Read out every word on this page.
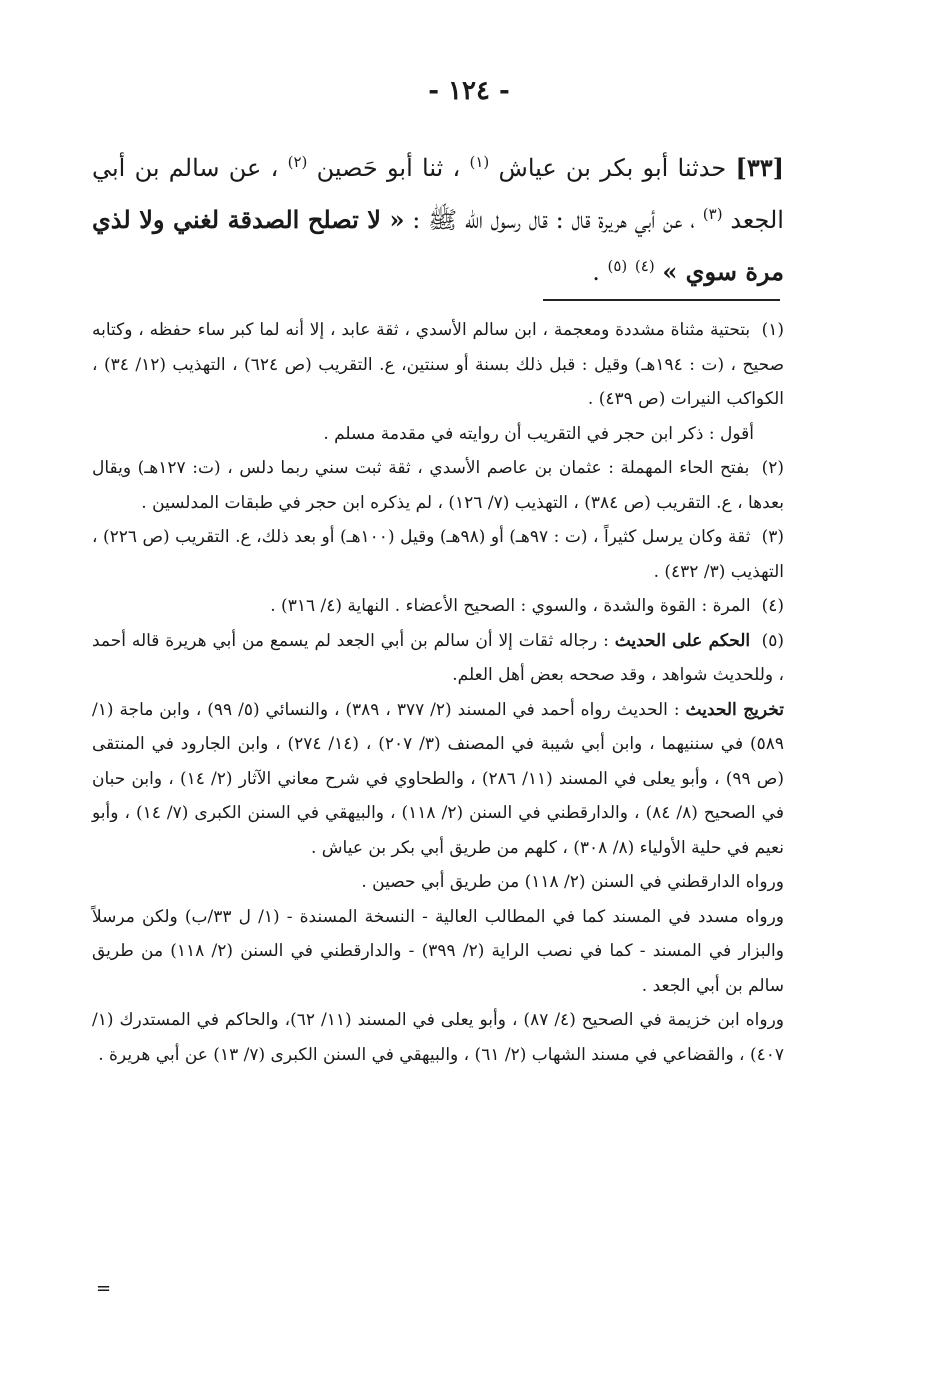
- ١٢٤ -
[٣٣] حدثنا أبو بكر بن عياش $^{(١)}$ ، ثنا أبو حَصين $^{(٢)}$ ، عن سالم بن أبي الجعد $^{(٣)}$ ، عن أبي هريرة قال : قال رسول الله ﷺ : « لا تصلح الصدقة لغني ولا لذي مرة سوي » $^{(٤)}$ $^{(٥)}$ .

(١) بتحتية مثناة مشددة ومعجمة ، ابن سالم الأسدي ، ثقة عابد ، إلا أنه لما كبر ساء حفظه ، وكتابه صحيح ، (ت : ١٩٤هـ) وقيل : قبل ذلك بسنة أو سنتين، ع. التقريب (ص ٦٢٤) ، التهذيب (١٢/ ٣٤) ، الكواكب النيرات (ص ٤٣٩) .

أقول : ذكر ابن حجر في التقريب أن روايته في مقدمة مسلم .

(٢) بفتح الحاء المهملة : عثمان بن عاصم الأسدي ، ثقة ثبت سني ربما دلس ، (ت: ١٢٧هـ) ويقال بعدها ، ع. التقريب (ص ٣٨٤) ، التهذيب (٧/ ١٢٦) ، لم يذكره ابن حجر في طبقات المدلسين .

(٣) ثقة وكان يرسل كثيراً ، (ت : ٩٧هـ) أو (٩٨هـ) وقيل (١٠٠هـ) أو بعد ذلك، ع. التقريب (ص ٢٢٦) ، التهذيب (٣/ ٤٣٢) .

(٤) المرة : القوة والشدة ، والسوي : الصحيح الأعضاء . النهاية (٤/ ٣١٦) .

(٥) الحكم على الحديث : رجاله ثقات إلا أن سالم بن أبي الجعد لم يسمع من أبي هريرة قاله أحمد ، وللحديث شواهد ، وقد صححه بعض أهل العلم.

تخريج الحديث : الحديث رواه أحمد في المسند (٢/ ٣٧٧ ، ٣٨٩) ، والنسائي (٥/ ٩٩) ، وابن ماجة (١/ ٥٨٩) في سننيهما ، وابن أبي شيبة في المصنف (٣/ ٢٠٧) ، (١٤/ ٢٧٤) ، وابن الجارود في المنتقى (ص ٩٩) ، وأبو يعلى في المسند (١١/ ٢٨٦) ، والطحاوي في شرح معاني الآثار (٢/ ١٤) ، وابن حبان في الصحيح (٨/ ٨٤) ، والدارقطني في السنن (٢/ ١١٨) ، والبيهقي في السنن الكبرى (٧/ ١٤) ، وأبو نعيم في حلية الأولياء (٨/ ٣٠٨) ، كلهم من طريق أبي بكر بن عياش .

ورواه الدارقطني في السنن (٢/ ١١٨) من طريق أبي حصين .

ورواه مسدد في المسند كما في المطالب العالية - النسخة المسندة - (١/ ل ٣٣/ب) ولكن مرسلاً والبزار في المسند - كما في نصب الراية (٢/ ٣٩٩) - والدارقطني في السنن (٢/ ١١٨) من طريق سالم بن أبي الجعد .

ورواه ابن خزيمة في الصحيح (٤/ ٨٧) ، وأبو يعلى في المسند (١١/ ٦٢)، والحاكم في المستدرك (١/ ٤٠٧) ، والقضاعي في مسند الشهاب (٢/ ٦١) ، والبيهقي في السنن الكبرى (٧/ ١٣) عن أبي هريرة .

=
